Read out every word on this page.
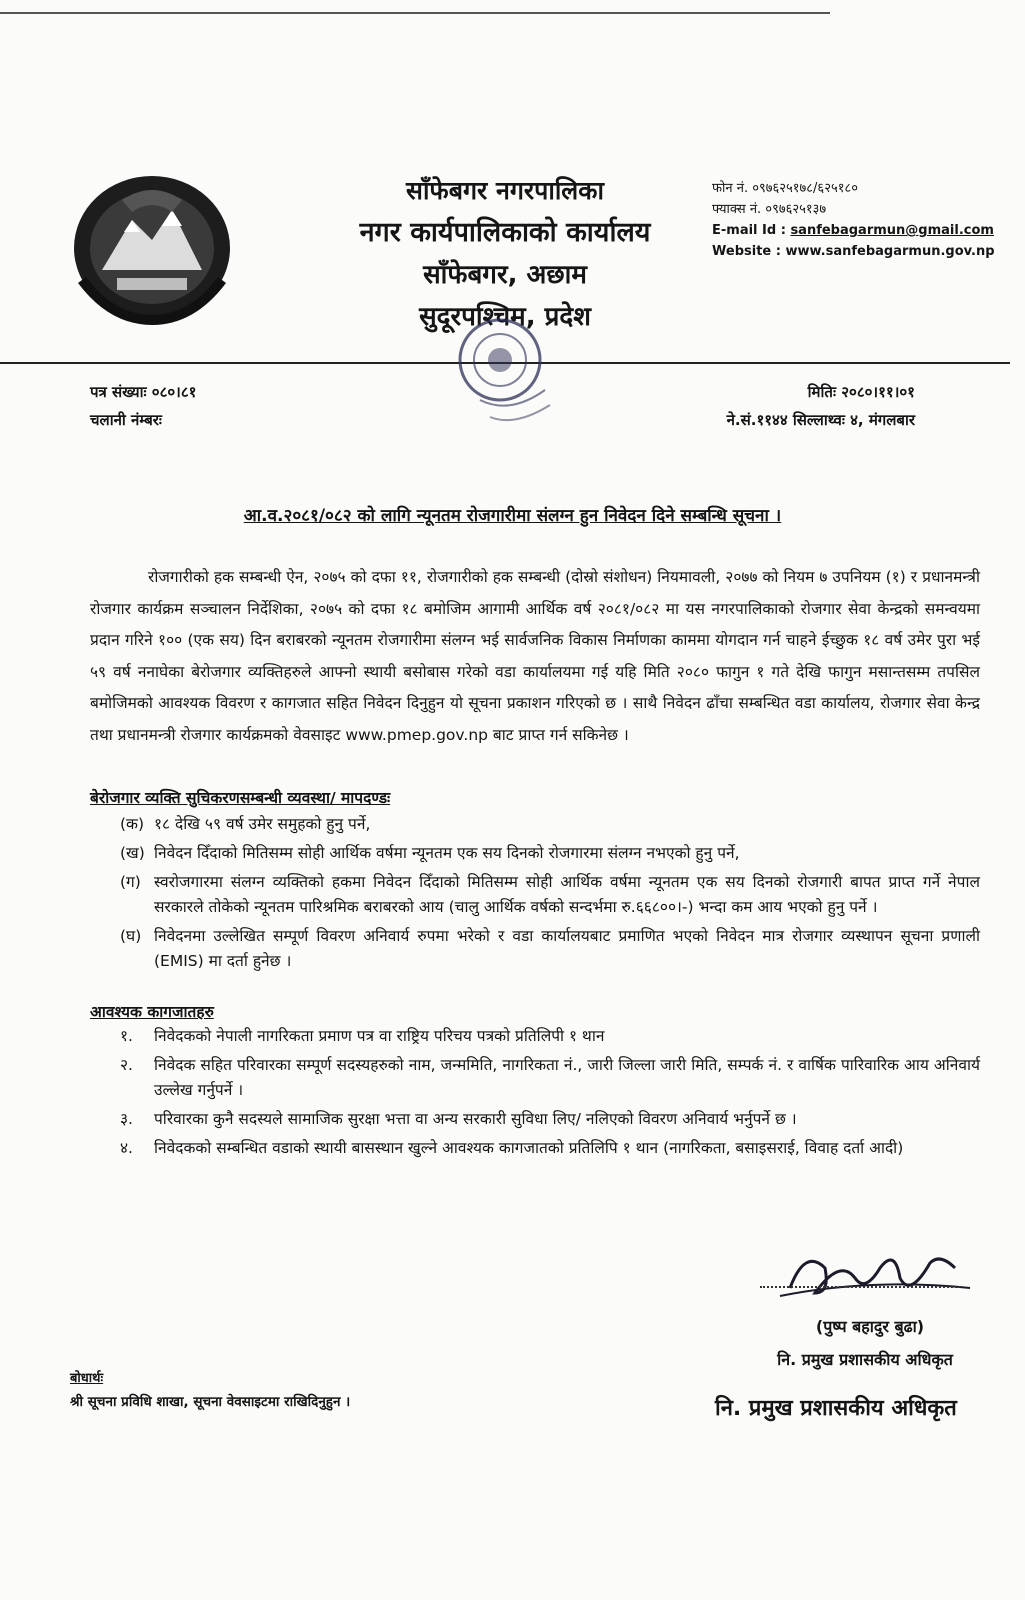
साँफेबगर नगरपालिका
नगर कार्यपालिकाको कार्यालय
साँफेबगर, अछाम
सुदूरपश्चिम, प्रदेश
फोन नं. ०९७६२५१७८/६२५१८०
फ्याक्स नं. ०९७६२५१३७
E-mail Id : sanfebagarmun@gmail.com
Website : www.sanfebagarmun.gov.np
पत्र संख्याः ०८०।८१
चलानी नंम्बरः
मितिः २०८०।११।०१
ने.सं.११४४ सिल्लाथ्वः ४, मंगलबार
आ.व.२०८१/०८२ को लागि न्यूनतम रोजगारीमा संलग्न हुन निवेदन दिने सम्बन्धि सूचना ।
रोजगारीको हक सम्बन्धी ऐन, २०७५ को दफा ११, रोजगारीको हक सम्बन्धी (दोस्रो संशोधन) नियमावली, २०७७ को नियम ७ उपनियम (१) र प्रधानमन्त्री रोजगार कार्यक्रम सञ्चालन निर्देशिका, २०७५ को दफा १८ बमोजिम आगामी आर्थिक वर्ष २०८१/०८२ मा यस नगरपालिकाको रोजगार सेवा केन्द्रको समन्वयमा प्रदान गरिने १०० (एक सय) दिन बराबरको न्यूनतम रोजगारीमा संलग्न भई सार्वजनिक विकास निर्माणका काममा योगदान गर्न चाहने ईच्छुक १८ वर्ष उमेर पुरा भई ५९ वर्ष ननाघेका बेरोजगार व्यक्तिहरुले आफ्नो स्थायी बसोबास गरेको वडा कार्यालयमा गई यहि मिति २०८० फागुन १ गते देखि फागुन मसान्तसम्म तपसिल बमोजिमको आवश्यक विवरण र कागजात सहित निवेदन दिनुहुन यो सूचना प्रकाशन गरिएको छ । साथै निवेदन ढाँचा सम्बन्धित वडा कार्यालय, रोजगार सेवा केन्द्र तथा प्रधानमन्त्री रोजगार कार्यक्रमको वेवसाइट www.pmep.gov.np बाट प्राप्त गर्न सकिनेछ ।
बेरोजगार व्यक्ति सुचिकरणसम्बन्धी व्यवस्था/ मापदण्डः
(क) १८ देखि ५९ वर्ष उमेर समुहको हुनु पर्ने,
(ख) निवेदन दिँदाको मितिसम्म सोही आर्थिक वर्षमा न्यूनतम एक सय दिनको रोजगारमा संलग्न नभएको हुनु पर्ने,
(ग) स्वरोजगारमा संलग्न व्यक्तिको हकमा निवेदन दिँदाको मितिसम्म सोही आर्थिक वर्षमा न्यूनतम एक सय दिनको रोजगारी बापत प्राप्त गर्ने नेपाल सरकारले तोकेको न्यूनतम पारिश्रमिक बराबरको आय (चालु आर्थिक वर्षको सन्दर्भमा रु.६६८००।-) भन्दा कम आय भएको हुनु पर्ने ।
(घ) निवेदनमा उल्लेखित सम्पूर्ण विवरण अनिवार्य रुपमा भरेको र वडा कार्यालयबाट प्रमाणित भएको निवेदन मात्र रोजगार व्यस्थापन सूचना प्रणाली (EMIS) मा दर्ता हुनेछ ।
आवश्यक कागजातहरु
१.	निवेदकको नेपाली नागरिकता प्रमाण पत्र वा राष्ट्रिय परिचय पत्रको प्रतिलिपी १ थान
२.	निवेदक सहित परिवारका सम्पूर्ण सदस्यहरुको नाम, जन्ममिति, नागरिकता नं., जारी जिल्ला जारी मिति, सम्पर्क नं. र वार्षिक पारिवारिक आय अनिवार्य उल्लेख गर्नुपर्ने ।
३.	परिवारका कुनै सदस्यले सामाजिक सुरक्षा भत्ता वा अन्य सरकारी सुविधा लिए/ नलिएको विवरण अनिवार्य भर्नुपर्ने छ ।
४.	निवेदकको सम्बन्धित वडाको स्थायी बासस्थान खुल्ने आवश्यक कागजातको प्रतिलिपि १ थान (नागरिकता, बसाइसराई, विवाह दर्ता आदी)
(पुष्प बहादुर बुढा)
नि. प्रमुख प्रशासकीय अधिकृत
नि. प्रमुख प्रशासकीय अधिकृत
बोधार्थः
श्री सूचना प्रविधि शाखा, सूचना वेवसाइटमा राखिदिनुहुन ।
